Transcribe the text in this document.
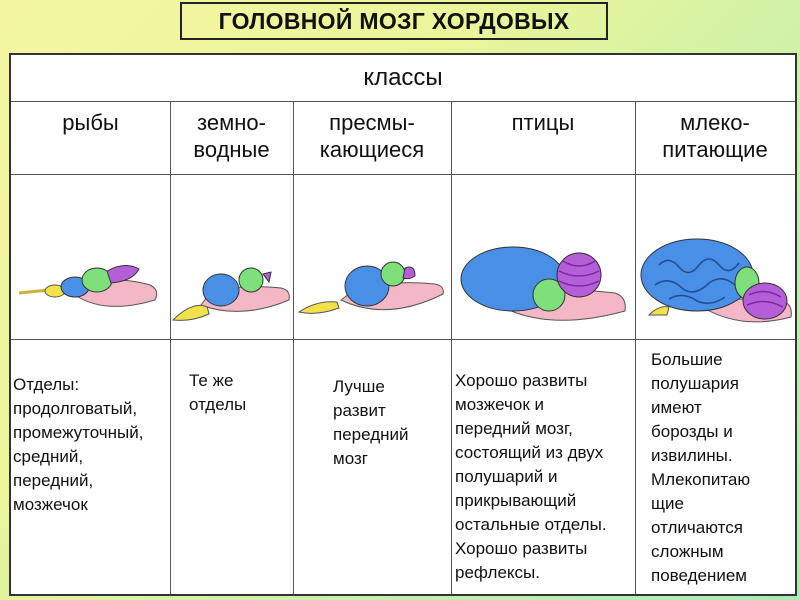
ГОЛОВНОЙ МОЗГ ХОРДОВЫХ
классы
рыбы	земно-
водные
пресмы-
кающиеся
птицы	млеко-
питающие
Отделы:
продолговатый,
промежуточный,
средний,
передний,
мозжечок
Те же
отделы
Лучше
развит
передний
мозг
Хорошо развиты
мозжечок и
передний мозг,
состоящий из двух
полушарий и
прикрывающий
остальные отделы.
Хорошо развиты
рефлексы.
Большие
полушария
имеют
борозды и
извилины.
Млекопитаю
щие
отличаются
сложным
поведением
